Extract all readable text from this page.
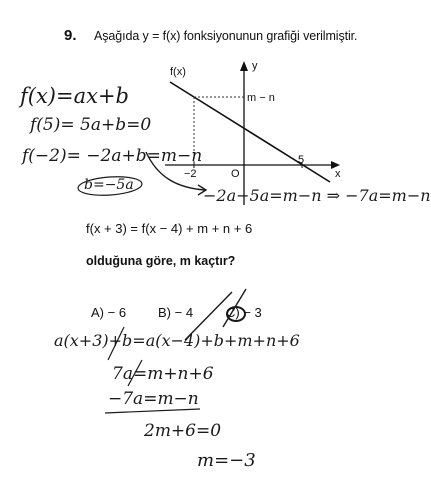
9. Aşağıda y = f(x) fonksiyonunun grafiği verilmiştir.
y
f(x)
m − n
x
O
−2
5
f(x)=ax+b
f(5)= 5a+b=0
f(−2)= −2a+b=m−n
b=−5a
−2a−5a=m−n ⇒ −7a=m−n
f(x + 3) = f(x − 4) + m + n + 6
olduğuna göre, m kaçtır?
A) − 6 B) − 4	C) − 3
a(x+3)+b=a(x−4)+b+m+n+6
7a=m+n+6
−7a=m−n
2m+6=0
m=−3
